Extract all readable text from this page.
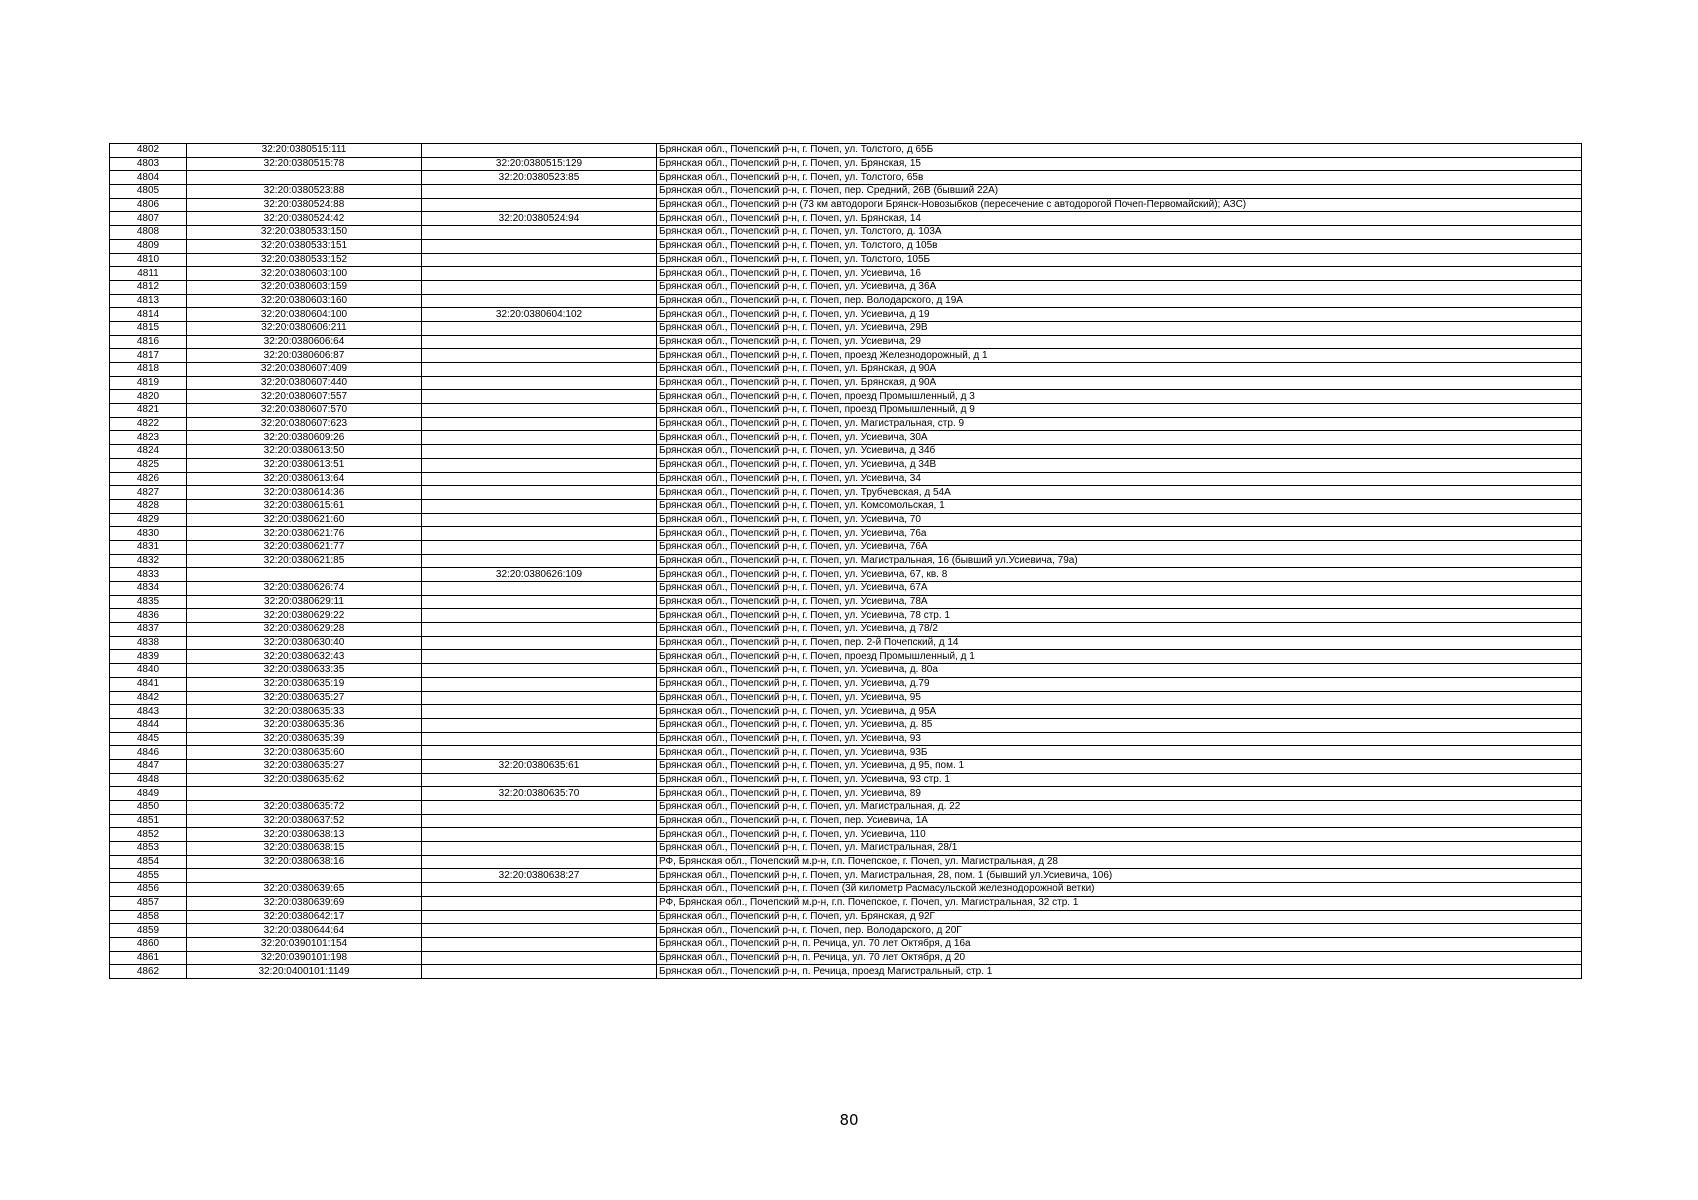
4802	32:20:0380515:111		Брянская обл., Почепский р-н, г. Почеп, ул. Толстого, д 65Б
4803	32:20:0380515:78	32:20:0380515:129	Брянская обл., Почепский р-н, г. Почеп, ул. Брянская, 15
4804		32:20:0380523:85	Брянская обл., Почепский р-н, г. Почеп, ул. Толстого, 65в
4805	32:20:0380523:88		Брянская обл., Почепский р-н, г. Почеп, пер. Средний, 26В (бывший 22А)
4806	32:20:0380524:88		Брянская обл., Почепский р-н (73 км автодороги Брянск-Новозыбков (пересечение с автодорогой Почеп-Первомайский); АЗС)
4807	32:20:0380524:42	32:20:0380524:94	Брянская обл., Почепский р-н, г. Почеп, ул. Брянская, 14
4808	32:20:0380533:150		Брянская обл., Почепский р-н, г. Почеп, ул. Толстого, д. 103А
4809	32:20:0380533:151		Брянская обл., Почепский р-н, г. Почеп, ул. Толстого, д 105в
4810	32:20:0380533:152		Брянская обл., Почепский р-н, г. Почеп, ул. Толстого, 105Б
4811	32:20:0380603:100		Брянская обл., Почепский р-н, г. Почеп, ул. Усиевича, 16
4812	32:20:0380603:159		Брянская обл., Почепский р-н, г. Почеп, ул. Усиевича, д 36А
4813	32:20:0380603:160		Брянская обл., Почепский р-н, г. Почеп, пер. Володарского, д 19А
4814	32:20:0380604:100	32:20:0380604:102	Брянская обл., Почепский р-н, г. Почеп, ул. Усиевича, д 19
4815	32:20:0380606:211		Брянская обл., Почепский р-н, г. Почеп, ул. Усиевича, 29В
4816	32:20:0380606:64		Брянская обл., Почепский р-н, г. Почеп, ул. Усиевича, 29
4817	32:20:0380606:87		Брянская обл., Почепский р-н, г. Почеп, проезд Железнодорожный, д 1
4818	32:20:0380607:409		Брянская обл., Почепский р-н, г. Почеп, ул. Брянская, д 90А
4819	32:20:0380607:440		Брянская обл., Почепский р-н, г. Почеп, ул. Брянская, д 90А
4820	32:20:0380607:557		Брянская обл., Почепский р-н, г. Почеп, проезд Промышленный, д 3
4821	32:20:0380607:570		Брянская обл., Почепский р-н, г. Почеп, проезд Промышленный, д 9
4822	32:20:0380607:623		Брянская обл., Почепский р-н, г. Почеп, ул. Магистральная, стр. 9
4823	32:20:0380609:26		Брянская обл., Почепский р-н, г. Почеп, ул. Усиевича, 30А
4824	32:20:0380613:50		Брянская обл., Почепский р-н, г. Почеп, ул. Усиевича, д 34б
4825	32:20:0380613:51		Брянская обл., Почепский р-н, г. Почеп, ул. Усиевича, д 34В
4826	32:20:0380613:64		Брянская обл., Почепский р-н, г. Почеп, ул. Усиевича, 34
4827	32:20:0380614:36		Брянская обл., Почепский р-н, г. Почеп, ул. Трубчевская, д 54А
4828	32:20:0380615:61		Брянская обл., Почепский р-н, г. Почеп, ул. Комсомольская, 1
4829	32:20:0380621:60		Брянская обл., Почепский р-н, г. Почеп, ул. Усиевича, 70
4830	32:20:0380621:76		Брянская обл., Почепский р-н, г. Почеп, ул. Усиевича, 76а
4831	32:20:0380621:77		Брянская обл., Почепский р-н, г. Почеп, ул. Усиевича, 76А
4832	32:20:0380621:85		Брянская обл., Почепский р-н, г. Почеп, ул. Магистральная, 16 (бывший ул.Усиевича, 79а)
4833		32:20:0380626:109	Брянская обл., Почепский р-н, г. Почеп, ул. Усиевича, 67, кв. 8
4834	32:20:0380626:74		Брянская обл., Почепский р-н, г. Почеп, ул. Усиевича, 67А
4835	32:20:0380629:11		Брянская обл., Почепский р-н, г. Почеп, ул. Усиевича, 78А
4836	32:20:0380629:22		Брянская обл., Почепский р-н, г. Почеп, ул. Усиевича, 78 стр. 1
4837	32:20:0380629:28		Брянская обл., Почепский р-н, г. Почеп, ул. Усиевича, д 78/2
4838	32:20:0380630:40		Брянская обл., Почепский р-н, г. Почеп, пер. 2-й Почепский, д 14
4839	32:20:0380632:43		Брянская обл., Почепский р-н, г. Почеп, проезд Промышленный, д 1
4840	32:20:0380633:35		Брянская обл., Почепский р-н, г. Почеп, ул. Усиевича, д. 80а
4841	32:20:0380635:19		Брянская обл., Почепский р-н, г. Почеп, ул. Усиевича, д.79
4842	32:20:0380635:27		Брянская обл., Почепский р-н, г. Почеп, ул. Усиевича, 95
4843	32:20:0380635:33		Брянская обл., Почепский р-н, г. Почеп, ул. Усиевича, д 95А
4844	32:20:0380635:36		Брянская обл., Почепский р-н, г. Почеп, ул. Усиевича, д. 85
4845	32:20:0380635:39		Брянская обл., Почепский р-н, г. Почеп, ул. Усиевича, 93
4846	32:20:0380635:60		Брянская обл., Почепский р-н, г. Почеп, ул. Усиевича, 93Б
4847	32:20:0380635:27	32:20:0380635:61	Брянская обл., Почепский р-н, г. Почеп, ул. Усиевича, д 95, пом. 1
4848	32:20:0380635:62		Брянская обл., Почепский р-н, г. Почеп, ул. Усиевича, 93 стр. 1
4849		32:20:0380635:70	Брянская обл., Почепский р-н, г. Почеп, ул. Усиевича, 89
4850	32:20:0380635:72		Брянская обл., Почепский р-н, г. Почеп, ул. Магистральная, д. 22
4851	32:20:0380637:52		Брянская обл., Почепский р-н, г. Почеп, пер. Усиевича, 1А
4852	32:20:0380638:13		Брянская обл., Почепский р-н, г. Почеп, ул. Усиевича, 110
4853	32:20:0380638:15		Брянская обл., Почепский р-н, г. Почеп, ул. Магистральная, 28/1
4854	32:20:0380638:16		РФ, Брянская обл., Почепский м.р-н, г.п. Почепское, г. Почеп, ул. Магистральная, д 28
4855		32:20:0380638:27	Брянская обл., Почепский р-н, г. Почеп, ул. Магистральная, 28, пом. 1 (бывший ул.Усиевича, 106)
4856	32:20:0380639:65		Брянская обл., Почепский р-н, г. Почеп (3й километр Расмасульской железнодорожной ветки)
4857	32:20:0380639:69		РФ, Брянская обл., Почепский м.р-н, г.п. Почепское, г. Почеп, ул. Магистральная, 32 стр. 1
4858	32:20:0380642:17		Брянская обл., Почепский р-н, г. Почеп, ул. Брянская, д 92Г
4859	32:20:0380644:64		Брянская обл., Почепский р-н, г. Почеп, пер. Володарского, д 20Г
4860	32:20:0390101:154		Брянская обл., Почепский р-н, п. Речица, ул. 70 лет Октября, д 16а
4861	32:20:0390101:198		Брянская обл., Почепский р-н, п. Речица, ул. 70 лет Октября, д 20
4862	32:20:0400101:1149		Брянская обл., Почепский р-н, п. Речица, проезд Магистральный, стр. 1
80
